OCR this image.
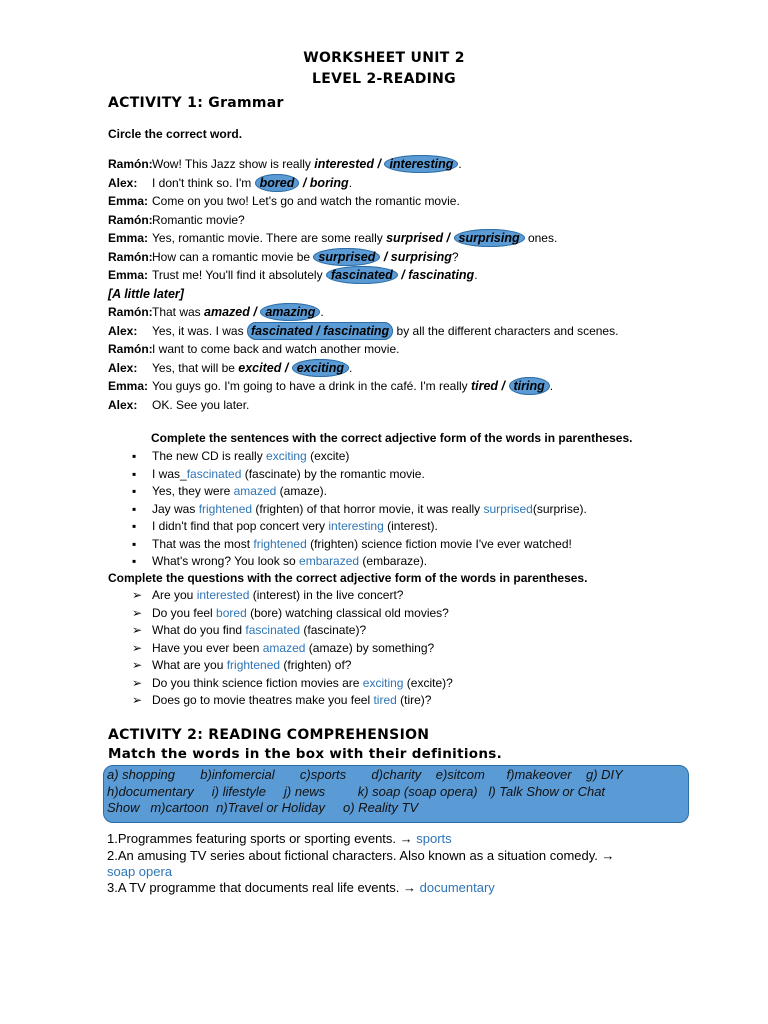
WORKSHEET UNIT 2
LEVEL 2-READING
ACTIVITY 1: Grammar
Circle the correct word.
Ramón:Wow! This Jazz show is really interested / interesting .
Alex: I don't think so. I'm bored / boring.
Emma: Come on you two! Let's go and watch the romantic movie.
Ramón:Romantic movie?
Emma: Yes, romantic movie. There are some really surprised / surprising ones.
Ramón:How can a romantic movie be surprised / surprising?
Emma: Trust me! You'll find it absolutely fascinated / fascinating.
[A little later]
Ramón:That was amazed / amazing .
Alex: Yes, it was. I was fascinated / fascinating by all the different characters and scenes.
Ramón:I want to come back and watch another movie.
Alex: Yes, that will be excited / exciting .
Emma: You guys go. I'm going to have a drink in the café. I'm really tired / tiring .
Alex: OK. See you later.
Complete the sentences with the correct adjective form of the words in parentheses.
▪ The new CD is really exciting (excite)
▪ I was_fascinated (fascinate) by the romantic movie.
▪ Yes, they were amazed (amaze).
▪ Jay was frightened (frighten) of that horror movie, it was really surprised(surprise).
▪ I didn't find that pop concert very interesting (interest).
▪ That was the most frightened (frighten) science fiction movie I've ever watched!
▪ What's wrong? You look so embarazed (embaraze).
Complete the questions with the correct adjective form of the words in parentheses.
➢ Are you interested (interest) in the live concert?
➢ Do you feel bored (bore) watching classical old movies?
➢ What do you find fascinated (fascinate)?
➢ Have you ever been amazed (amaze) by something?
➢ What are you frightened (frighten) of?
➢ Do you think science fiction movies are exciting (excite)?
➢ Does go to movie theatres make you feel tired (tire)?
ACTIVITY 2: READING COMPREHENSION
Match the words in the box with their definitions.
a) shopping       b)infomercial       c)sports       d)charity    e)sitcom      f)makeover    g) DIY
h)documentary     i) lifestyle     j) news         k) soap (soap opera)   l) Talk Show or Chat
Show   m)cartoon  n)Travel or Holiday     o) Reality TV
1.Programmes featuring sports or sporting events. → sports
2.An amusing TV series about fictional characters. Also known as a situation comedy. →
soap opera
3.A TV programme that documents real life events. → documentary
